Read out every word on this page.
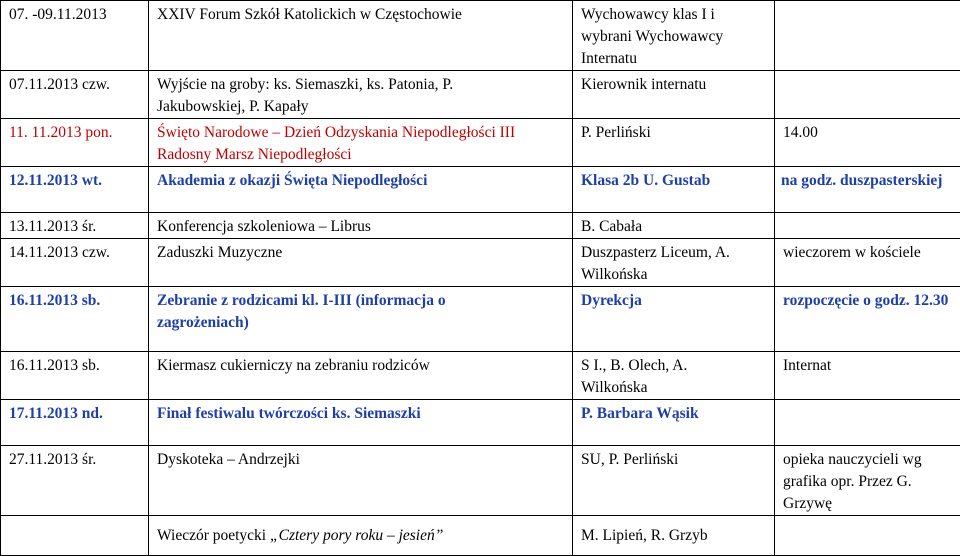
07. -09.11.2013	XXIV Forum Szkół Katolickich w Częstochowie	Wychowawcy klas I i wybrani Wychowawcy Internatu	
07.11.2013 czw.	Wyjście na groby: ks. Siemaszki, ks. Patonia, P. Jakubowskiej, P. Kapały	Kierownik internatu	
11. 11.2013 pon.	Święto Narodowe – Dzień Odzyskania Niepodległości III Radosny Marsz Niepodległości	P. Perliński	14.00
12.11.2013 wt.	Akademia z okazji Święta Niepodległości	Klasa 2b U. Gustab	na godz. duszpasterskiej
13.11.2013 śr.	Konferencja szkoleniowa – Librus	B. Cabała	
14.11.2013 czw.	Zaduszki Muzyczne	Duszpasterz Liceum, A. Wilkońska	wieczorem w kościele
16.11.2013 sb.	Zebranie z rodzicami kl. I-III (informacja o zagrożeniach)	Dyrekcja	rozpoczęcie o godz. 12.30
16.11.2013 sb.	Kiermasz cukierniczy na zebraniu rodziców	S I., B. Olech, A. Wilkońska	Internat
17.11.2013 nd.	Finał festiwalu twórczości ks. Siemaszki	P. Barbara Wąsik	
27.11.2013 śr.	Dyskoteka – Andrzejki	SU, P. Perliński	opieka nauczycieli wg grafika opr. Przez G. Grzywę
	Wieczór poetycki „Cztery pory roku – jesień”	M. Lipień, R. Grzyb	
